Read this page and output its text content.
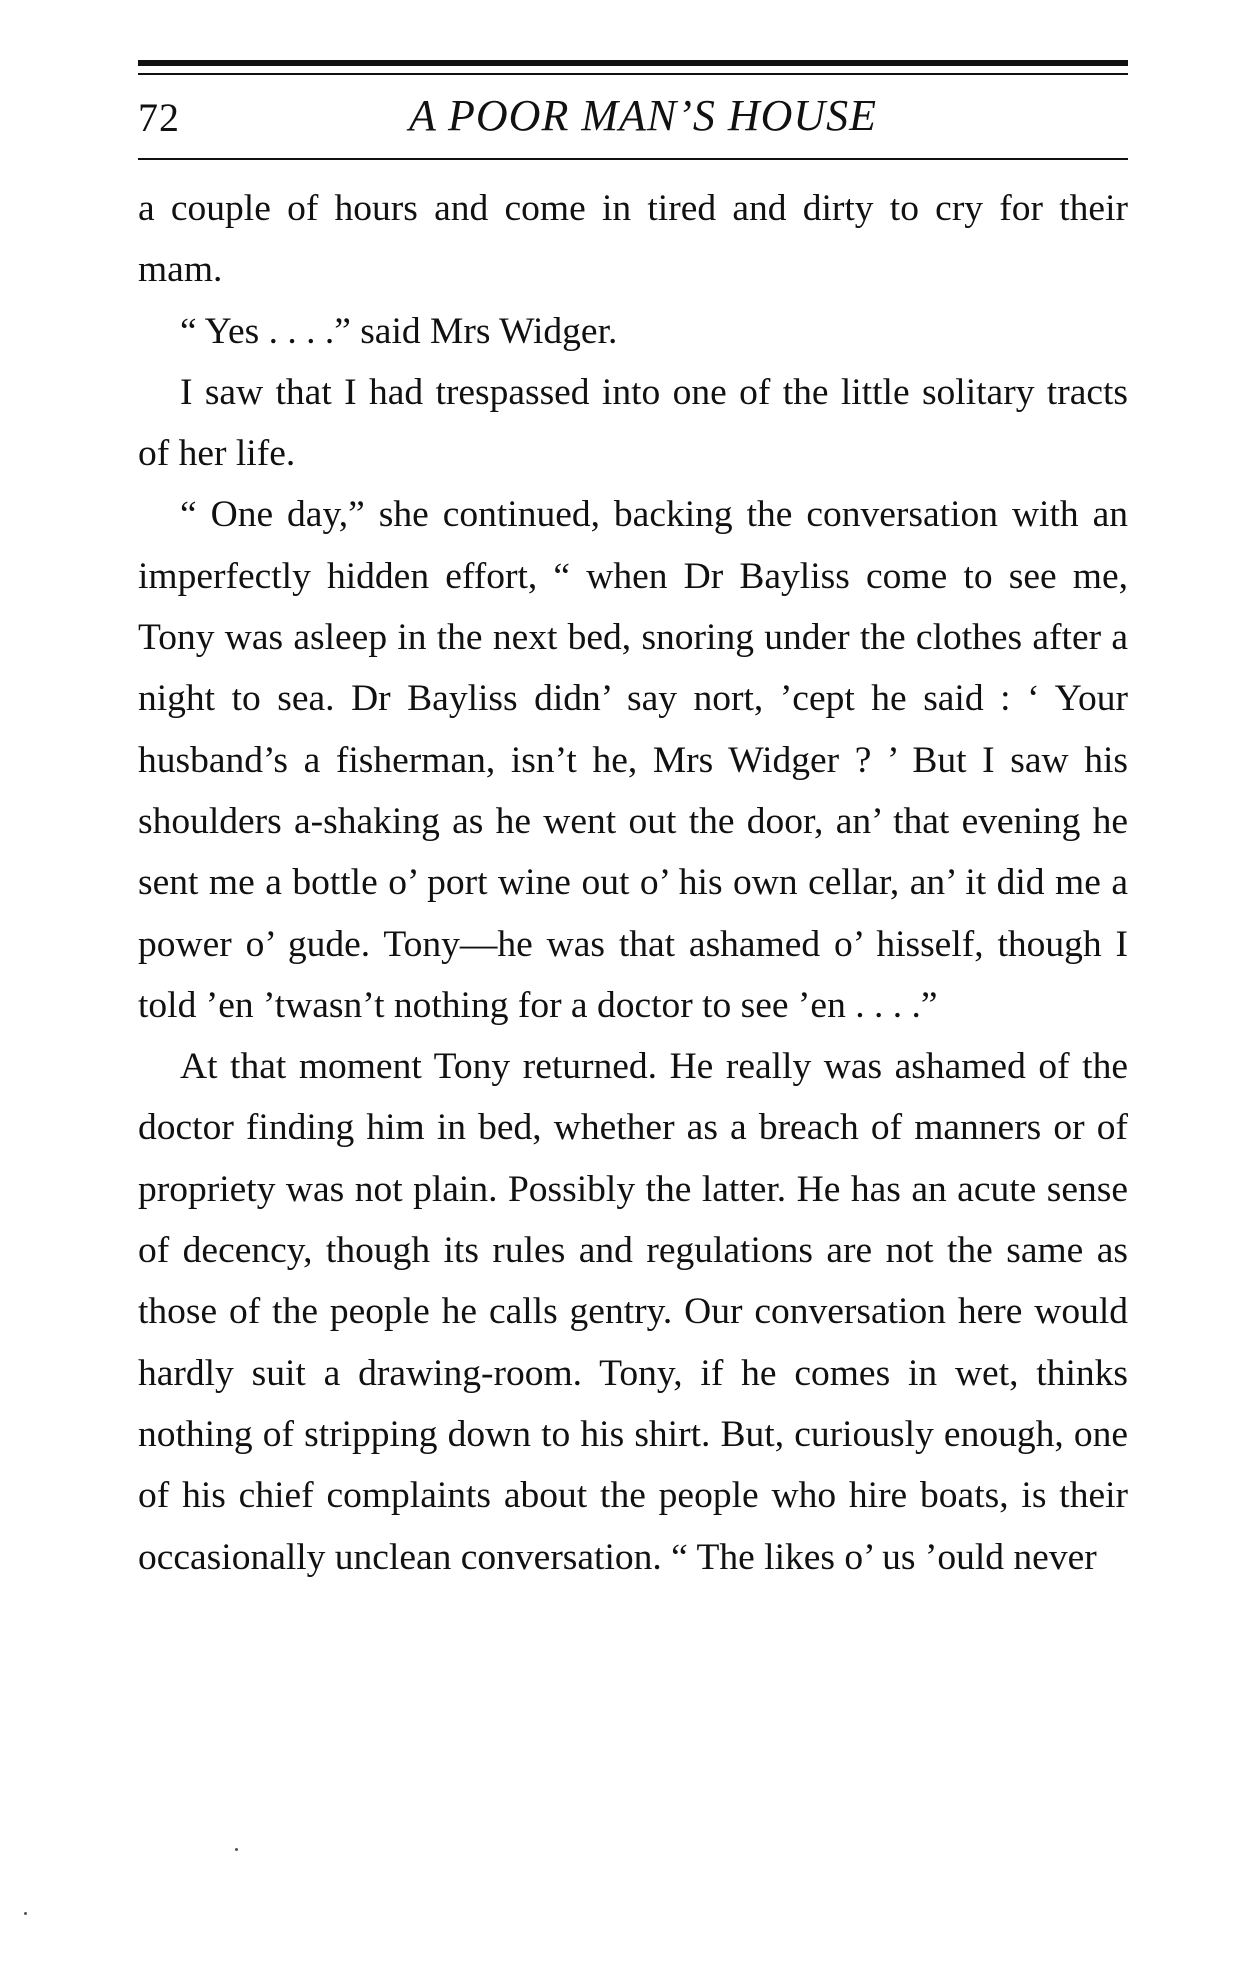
72	A POOR MAN’S HOUSE

a couple of hours and come in tired and dirty to cry for their mam.

“ Yes . . . .” said Mrs Widger.

I saw that I had trespassed into one of the little solitary tracts of her life.

“ One day,” she continued, backing the conversation with an imperfectly hidden effort, “ when Dr Bayliss come to see me, Tony was asleep in the next bed, snoring under the clothes after a night to sea. Dr Bayliss didn’ say nort, ’cept he said : ‘ Your husband’s a fisherman, isn’t he, Mrs Widger ? ’ But I saw his shoulders a-shaking as he went out the door, an’ that evening he sent me a bottle o’ port wine out o’ his own cellar, an’ it did me a power o’ gude. Tony—he was that ashamed o’ hisself, though I told ’en ’twasn’t nothing for a doctor to see ’en . . . .”

At that moment Tony returned. He really was ashamed of the doctor finding him in bed, whether as a breach of manners or of propriety was not plain. Possibly the latter. He has an acute sense of decency, though its rules and regulations are not the same as those of the people he calls gentry. Our conversation here would hardly suit a drawing-room. Tony, if he comes in wet, thinks nothing of stripping down to his shirt. But, curiously enough, one of his chief complaints about the people who hire boats, is their occasionally unclean conversation. “ The likes o’ us ’ould never
